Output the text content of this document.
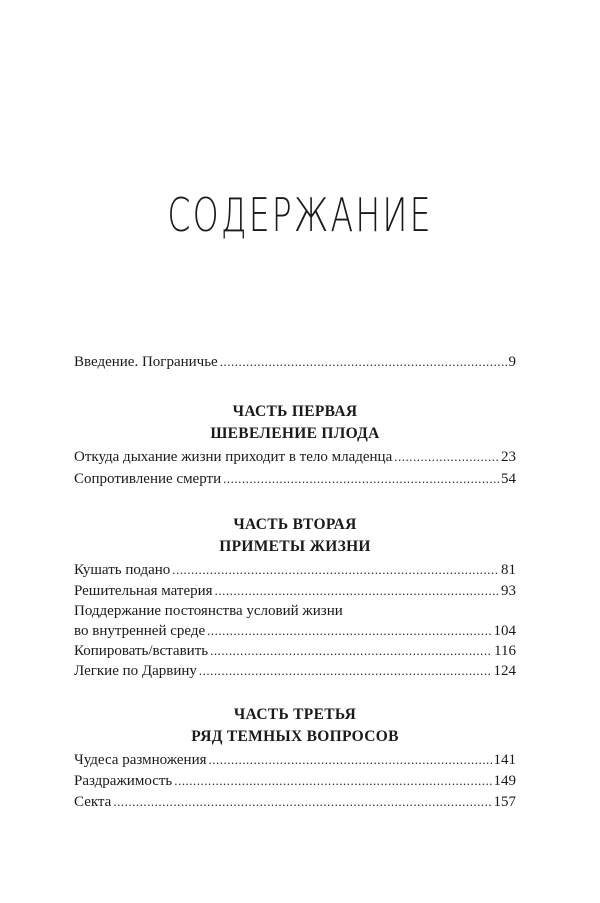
СОДЕРЖАНИЕ
Введение. Пограничье .....	9
ЧАСТЬ ПЕРВАЯ
ШЕВЕЛЕНИЕ ПЛОДА
Откуда дыхание жизни приходит в тело младенца .....	23
Сопротивление смерти .....	54
ЧАСТЬ ВТОРАЯ
ПРИМЕТЫ ЖИЗНИ
Кушать подано .....	81
Решительная материя .....	93
Поддержание постоянства условий жизни
во внутренней среде .....	104
Копировать/вставить .....	116
Легкие по Дарвину .....	124
ЧАСТЬ ТРЕТЬЯ
РЯД ТЕМНЫХ ВОПРОСОВ
Чудеса размножения .....	141
Раздражимость .....	149
Секта .....	157
